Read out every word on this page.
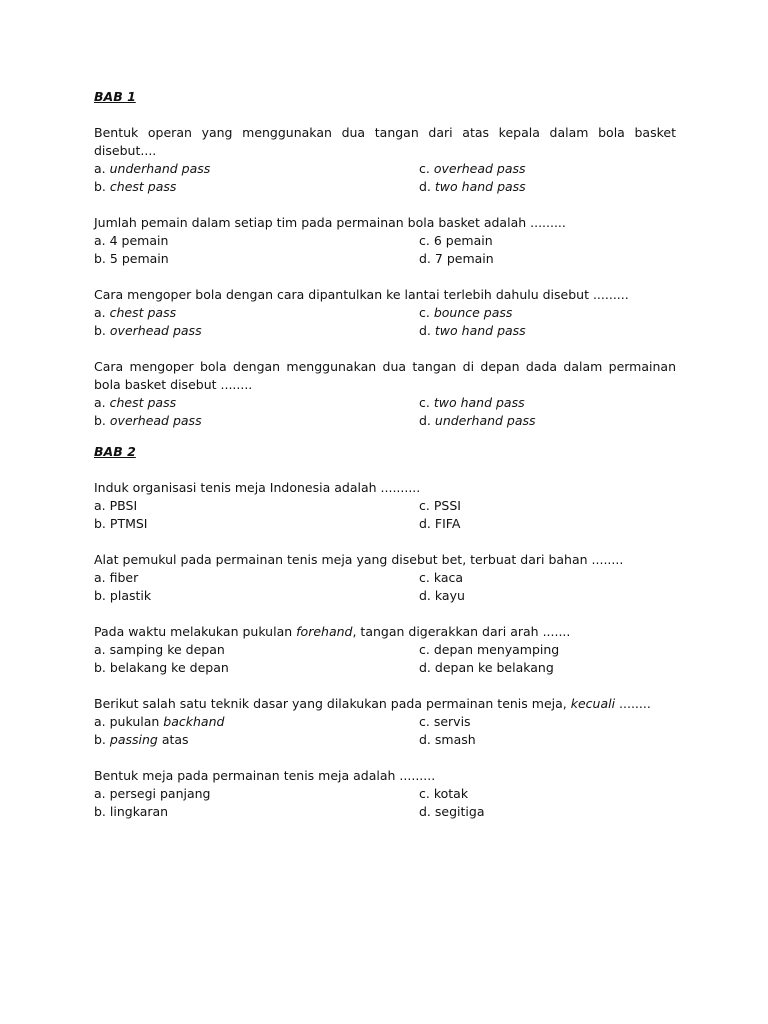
BAB 1
Bentuk operan yang menggunakan dua tangan dari atas kepala dalam bola basket disebut....
a. underhand pass	c. overhead pass
b. chest pass	d. two hand pass
Jumlah pemain dalam setiap tim pada permainan bola basket adalah .........
a. 4 pemain	c. 6 pemain
b. 5 pemain	d. 7 pemain
Cara mengoper bola dengan cara dipantulkan ke lantai terlebih dahulu disebut .........
a. chest pass	c. bounce pass
b. overhead pass	d. two hand pass
Cara mengoper bola dengan menggunakan dua tangan di depan dada dalam permainan bola basket disebut ........
a. chest pass	c. two hand pass
b. overhead pass	d. underhand pass
BAB 2
Induk organisasi tenis meja Indonesia adalah ..........
a. PBSI	c. PSSI
b. PTMSI	d. FIFA
Alat pemukul pada permainan tenis meja yang disebut bet, terbuat dari bahan ........
a. fiber	c. kaca
b. plastik	d. kayu
Pada waktu melakukan pukulan forehand, tangan digerakkan dari arah .......
a. samping ke depan	c. depan menyamping
b. belakang ke depan	d. depan ke belakang
Berikut salah satu teknik dasar yang dilakukan pada permainan tenis meja, kecuali ........
a. pukulan backhand	c. servis
b. passing atas	d. smash
Bentuk meja pada permainan tenis meja adalah .........
a. persegi panjang	c. kotak
b. lingkaran	d. segitiga
